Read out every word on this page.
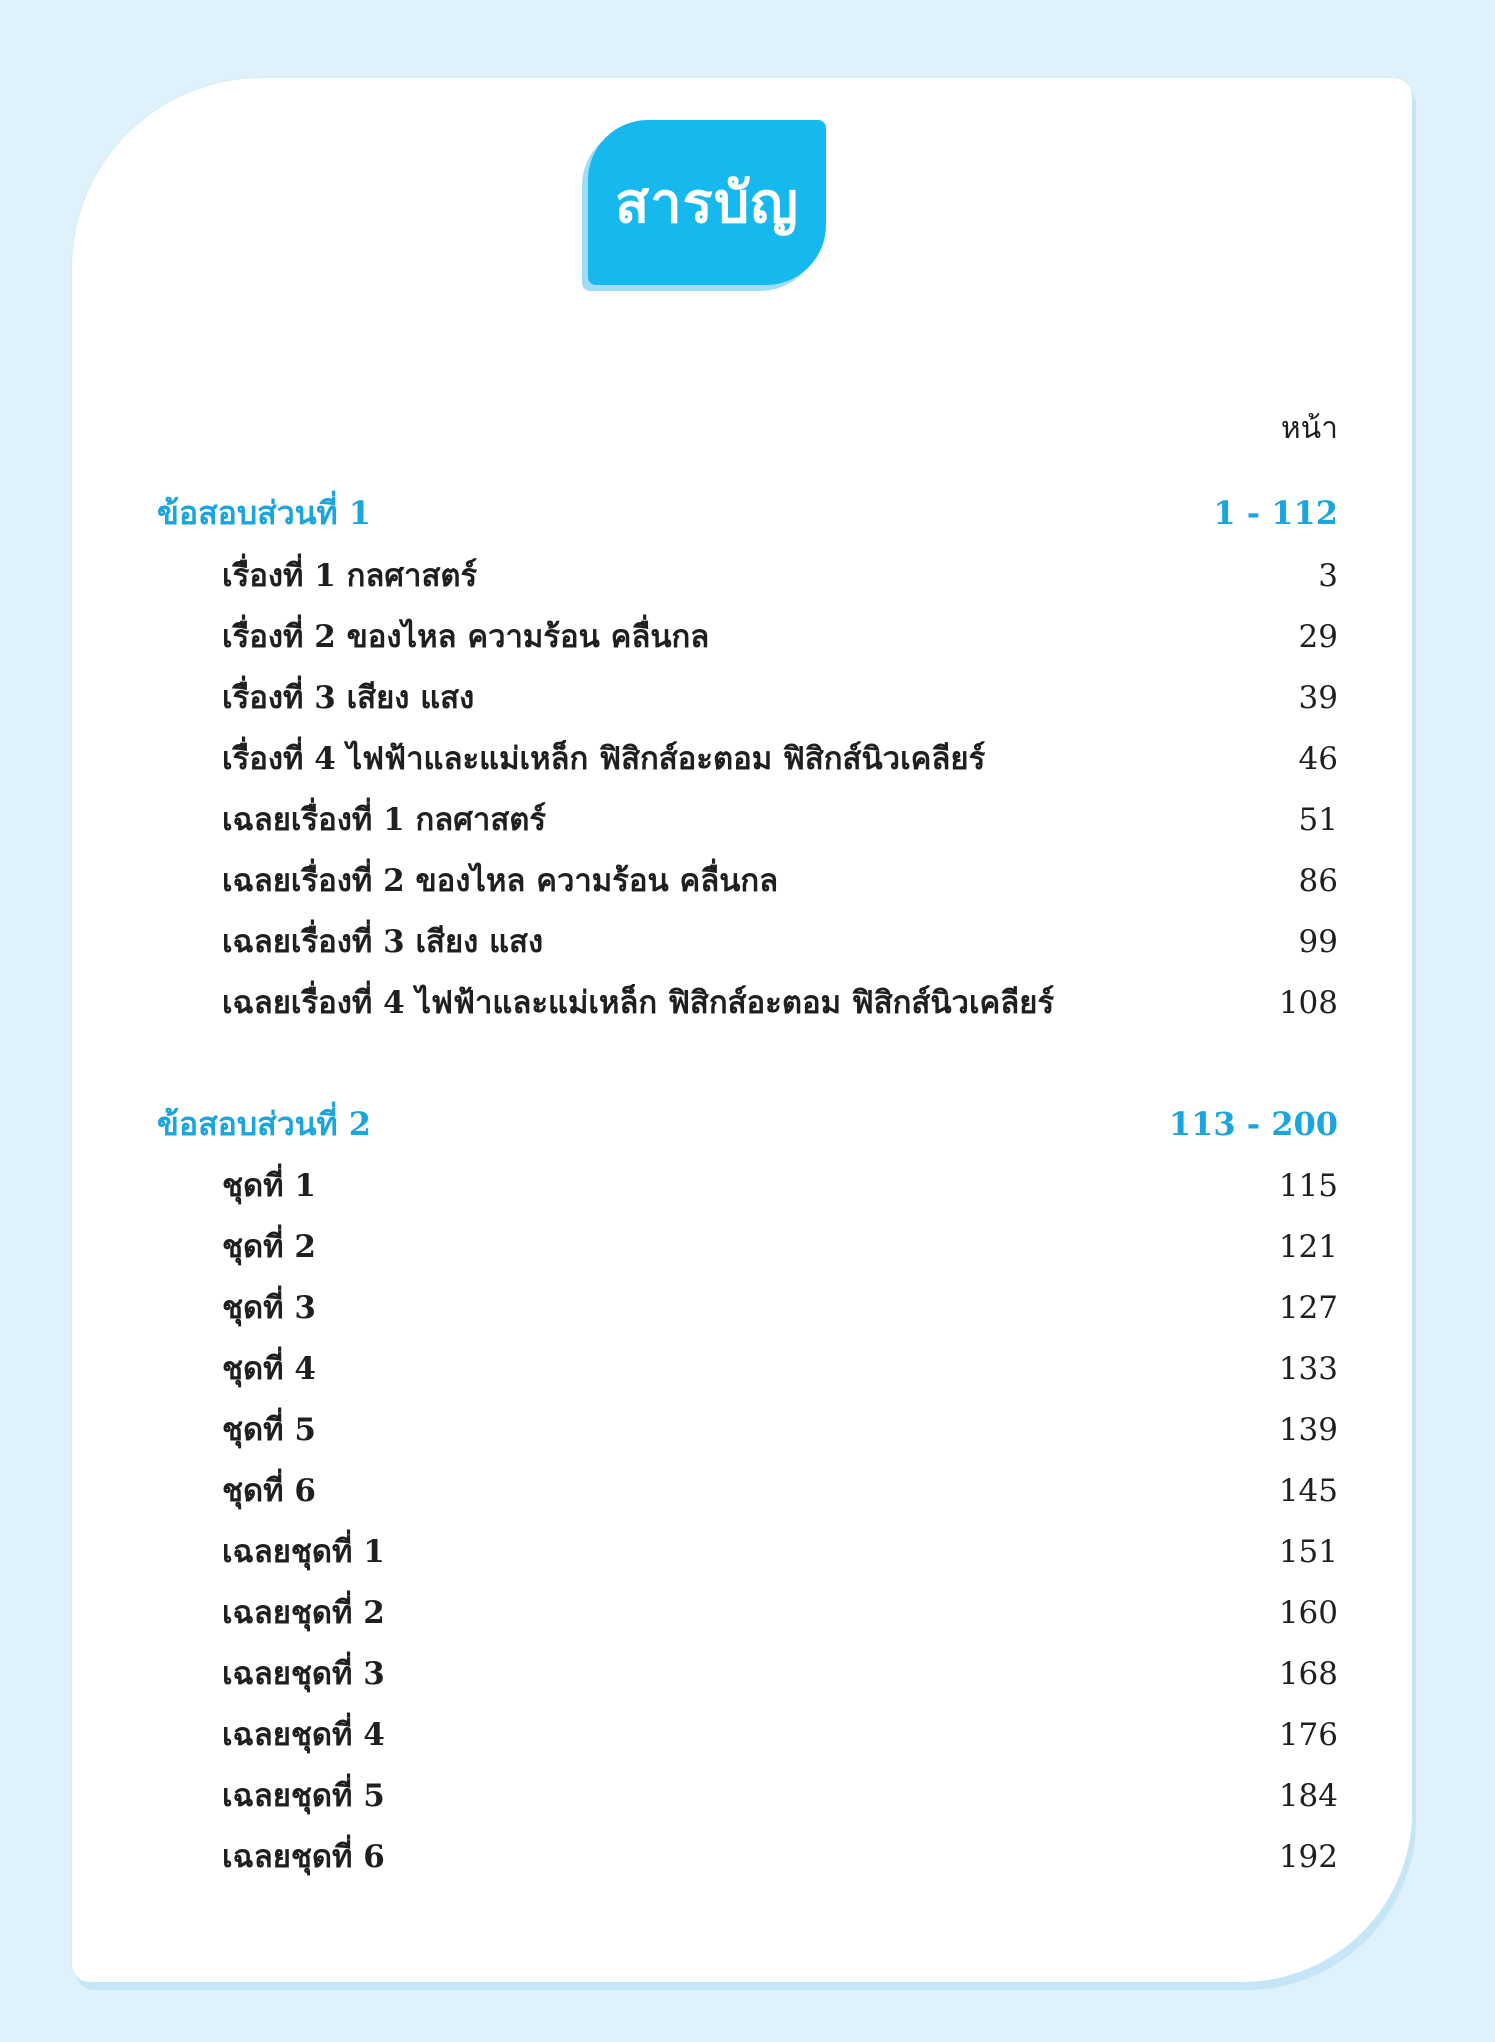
สารบัญ
หน้า
ข้อสอบส่วนที่ 1	1 - 112
เรื่องที่ 1 กลศาสตร์	3
เรื่องที่ 2 ของไหล ความร้อน คลื่นกล	29
เรื่องที่ 3 เสียง แสง	39
เรื่องที่ 4 ไฟฟ้าและแม่เหล็ก ฟิสิกส์อะตอม ฟิสิกส์นิวเคลียร์	46
เฉลยเรื่องที่ 1 กลศาสตร์	51
เฉลยเรื่องที่ 2 ของไหล ความร้อน คลื่นกล	86
เฉลยเรื่องที่ 3 เสียง แสง	99
เฉลยเรื่องที่ 4 ไฟฟ้าและแม่เหล็ก ฟิสิกส์อะตอม ฟิสิกส์นิวเคลียร์	108
ข้อสอบส่วนที่ 2	113 - 200
ชุดที่ 1	115
ชุดที่ 2	121
ชุดที่ 3	127
ชุดที่ 4	133
ชุดที่ 5	139
ชุดที่ 6	145
เฉลยชุดที่ 1	151
เฉลยชุดที่ 2	160
เฉลยชุดที่ 3	168
เฉลยชุดที่ 4	176
เฉลยชุดที่ 5	184
เฉลยชุดที่ 6	192
